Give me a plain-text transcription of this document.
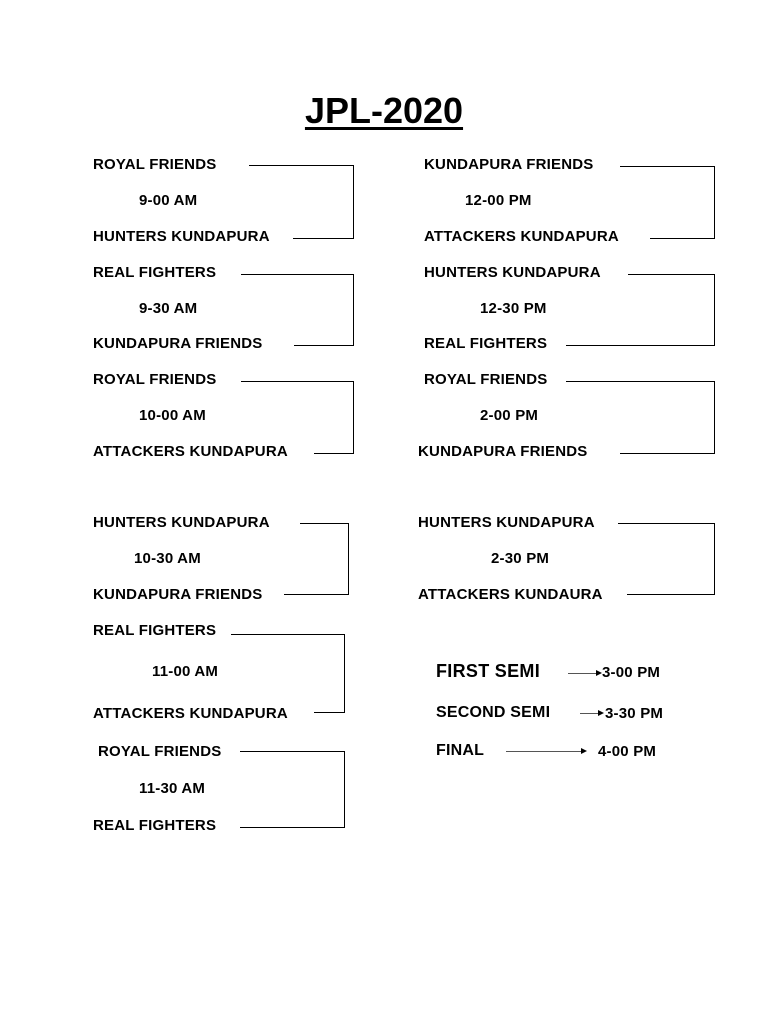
JPL-2020
ROYAL FRIENDS
9-00 AM
HUNTERS KUNDAPURA
REAL FIGHTERS
9-30 AM
KUNDAPURA FRIENDS
ROYAL FRIENDS
10-00 AM
ATTACKERS KUNDAPURA
HUNTERS KUNDAPURA
10-30 AM
KUNDAPURA FRIENDS
REAL FIGHTERS
11-00 AM
ATTACKERS KUNDAPURA
ROYAL FRIENDS
11-30 AM
REAL FIGHTERS
KUNDAPURA FRIENDS
12-00 PM
ATTACKERS KUNDAPURA
HUNTERS KUNDAPURA
12-30 PM
REAL FIGHTERS
ROYAL FRIENDS
2-00 PM
KUNDAPURA FRIENDS
HUNTERS KUNDAPURA
2-30 PM
ATTACKERS KUNDAURA
FIRST SEMI	3-00 PM
SECOND SEMI	3-30 PM
FINAL	4-00 PM
